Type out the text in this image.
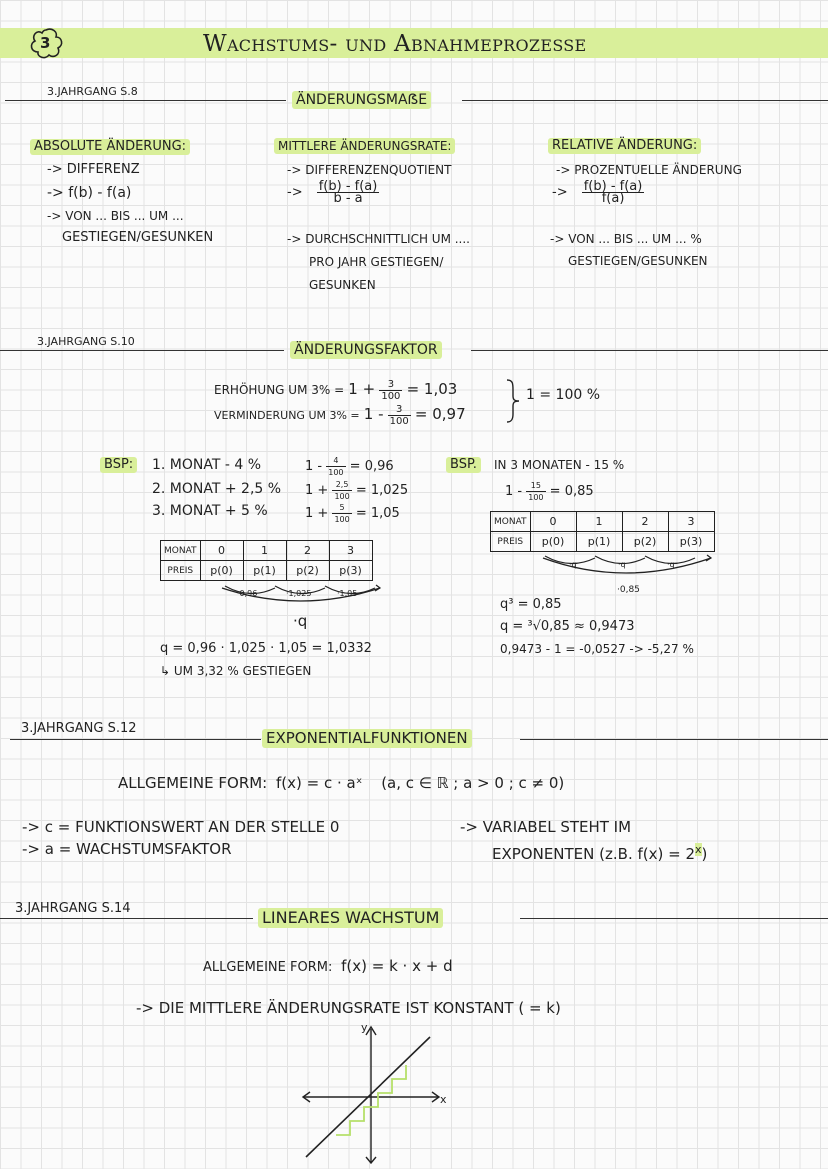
3	Wachstums- und Abnahmeprozesse
3.JAHRGANG S.8
ÄNDERUNGSMAẞE
ABSOLUTE ÄNDERUNG:
-> DIFFERENZ
-> f(b) - f(a)
-> VON ... BIS ... UM ...
GESTIEGEN/GESUNKEN
MITTLERE ÄNDERUNGSRATE:
-> DIFFERENZENQUOTIENT
-> $\frac{f(b) - f(a)}{b - a}$
-> DURCHSCHNITTLICH UM ....
PRO JAHR GESTIEGEN/
GESUNKEN
RELATIVE ÄNDERUNG:
-> PROZENTUELLE ÄNDERUNG
-> $\frac{f(b) - f(a)}{f(a)}$
-> VON ... BIS ... UM ... %
GESTIEGEN/GESUNKEN
3.JAHRGANG S.10
ÄNDERUNGSFAKTOR
ERHÖHUNG UM $3\% = 1 + \frac{3}{100} = 1,03$
VERMINDERUNG UM $3\% = 1 - \frac{3}{100} = 0,97$
1 = 100 %
BSP: 1. MONAT - 4 %
2. MONAT + 2,5 %
3. MONAT + 5 %
$1 - \frac{4}{100} = 0,96$
$1 + \frac{2,5}{100} = 1,025$
$1 + \frac{5}{100} = 1,05$
MONAT	0	1	2	3
PREIS	p(0)	p(1)	p(2)	p(3)
·0,96	·1,025	·1,05
·q
q = 0,96 · 1,025 · 1,05 = 1,0332
↳ UM 3,32 % GESTIEGEN
BSP.	IN 3 MONATEN - 15 %
$1 - \frac{15}{100} = 0,85$
MONAT	0	1	2	3
PREIS	p(0)	p(1)	p(2)	p(3)
·q	·q	·q
·0,85
q³ = 0,85
q = ³√0,85 ≈ 0,9473
0,9473 - 1 = -0,0527 -> -5,27 %
3.JAHRGANG S.12
EXPONENTIALFUNKTIONEN
ALLGEMEINE FORM: f(x) = c · aˣ (a, c ∈ ℝ ; a > 0 ; c ≠ 0)
-> c = FUNKTIONSWERT AN DER STELLE 0
-> a = WACHSTUMSFAKTOR
-> VARIABEL STEHT IM
EXPONENTEN (z.B. $f(x) = 2^x$)
3.JAHRGANG S.14	LINEARES WACHSTUM
ALLGEMEINE FORM: f(x) = k · x + d
-> DIE MITTLERE ÄNDERUNGSRATE IST KONSTANT ( = k)
y
x
